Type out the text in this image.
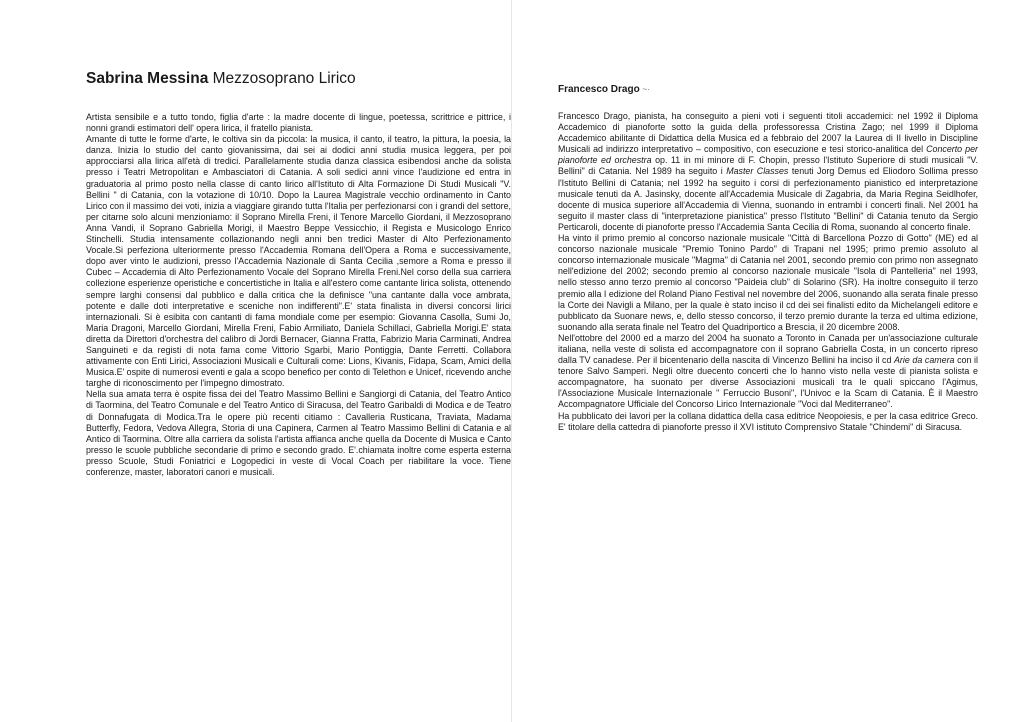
Sabrina Messina Mezzosoprano Lirico

Artista sensibile e a tutto tondo, figlia d'arte : la madre docente di lingue, poetessa, scrittrice e pittrice, i nonni grandi estimatori dell' opera lirica, il fratello pianista.

Amante di tutte le forme d'arte, le coltiva sin da piccola: la musica, il canto, il teatro, la pittura, la poesia, la danza. Inizia lo studio del canto giovanissima, dai sei ai dodici anni studia musica leggera, per poi approcciarsi alla lirica all'età di tredici. Parallelamente studia danza classica esibendosi anche da solista presso i Teatri Metropolitan e Ambasciatori di Catania. A soli sedici anni vince l'audizione ed entra in graduatoria al primo posto nella classe di canto lirico all'Istituto di Alta Formazione Di Studi Musicali "V. Bellini " di Catania, con la votazione di 10/10. Dopo la Laurea Magistrale vecchio ordinamento in Canto Lirico con il massimo dei voti, inizia a viaggiare girando tutta l'Italia per perfezionarsi con i grandi del settore, per citarne solo alcuni menzioniamo: il Soprano Mirella Freni, il Tenore Marcello Giordani, il Mezzosoprano Anna Vandi, il Soprano Gabriella Morigi, il Maestro Beppe Vessicchio, il Regista e Musicologo Enrico Stinchelli. Studia intensamente collazionando negli anni ben tredici Master di Alto Perfezionamento Vocale.Si perfeziona ulteriormente presso l'Accademia Romana dell'Opera a Roma e successivamente, dopo aver vinto le audizioni, presso l'Accademia Nazionale di Santa Cecilia ,semore a Roma e presso il Cubec – Accademia di Alto Perfezionamento Vocale del Soprano Mirella Freni.Nel corso della sua carriera collezione esperienze operistiche e concertistiche in Italia e all'estero come cantante lirica solista, ottenendo sempre larghi consensi dal pubblico e dalla critica che la definisce "una cantante dalla voce ambrata, potente e dalle doti interpretative e sceniche non indifferenti".E' stata finalista in diversi concorsi lirici internazionali. Si è esibita con cantanti di fama mondiale come per esempio: Giovanna Casolla, Sumi Jo, Maria Dragoni, Marcello Giordani, Mirella Freni, Fabio Armiliato, Daniela Schillaci, Gabriella Morigi.E' stata diretta da Direttori d'orchestra del calibro di Jordi Bernacer, Gianna Fratta, Fabrizio Maria Carminati, Andrea Sanguineti e da registi di nota fama come Vittorio Sgarbi, Mario Pontiggia, Dante Ferretti. Collabora attivamente con Enti Lirici, Associazioni Musicali e Culturali come: Lions, Kivanis, Fidapa, Scam, Amici della Musica.E' ospite di numerosi eventi e gala a scopo benefico per conto di Telethon e Unicef, ricevendo anche targhe di riconoscimento per l'impegno dimostrato.

Nella sua amata terra è ospite fissa dei del Teatro Massimo Bellini e Sangiorgi di Catania, del Teatro Antico di Taormina, del Teatro Comunale e del Teatro Antico di Siracusa, del Teatro Garibaldi di Modica e de Teatro di Donnafugata di Modica.Tra le opere più recenti citiamo : Cavalleria Rusticana, Traviata, Madama Butterfly, Fedora, Vedova Allegra, Storia di una Capinera, Carmen al Teatro Massimo Bellini di Catania e al Antico di Taormina. Oltre alla carriera da solista l'artista affianca anche quella da Docente di Musica e Canto presso le scuole pubbliche secondarie di primo e secondo grado. E'.chiamata inoltre come esperta esterna presso Scuole, Studi Foniatrici e Logopedici in veste di Vocal Coach per riabilitare la voce. Tiene conferenze, master, laboratori canori e musicali.

Francesco Drago ~·

Francesco Drago, pianista, ha conseguito a pieni voti i seguenti titoli accademici: nel 1992 il Diploma Accademico di pianoforte sotto la guida della professoressa Cristina Zago; nel 1999 il Diploma Accademico abilitante di Didattica della Musica ed a febbraio del 2007 la Laurea di II livello in Discipline Musicali ad indirizzo interpretativo – compositivo, con esecuzione e tesi storico-analitica del Concerto per pianoforte ed orchestra op. 11 in mi minore di F. Chopin, presso l'Istituto Superiore di studi musicali "V. Bellini" di Catania. Nel 1989 ha seguito i Master Classes tenuti Jorg Demus ed Eliodoro Sollima presso l'Istituto Bellini di Catania; nel 1992 ha seguito i corsi di perfezionamento pianistico ed interpretazione musicale tenuti da A. Jasinsky, docente all'Accademia Musicale di Zagabria, da Maria Regina Seidlhofer, docente di musica superiore all'Accademia di Vienna, suonando in entrambi i concerti finali. Nel 2001 ha seguito il master class di "interpretazione pianistica" presso l'Istituto "Bellini" di Catania tenuto da Sergio Perticaroli, docente di pianoforte presso l'Accademia Santa Cecilia di Roma, suonando al concerto finale.

Ha vinto il primo premio al concorso nazionale musicale "Città di Barcellona Pozzo di Gotto" (ME) ed al concorso nazionale musicale "Premio Tonino Pardo" di Trapani nel 1995; primo premio assoluto al concorso internazionale musicale "Magma" di Catania nel 2001, secondo premio con primo non assegnato nell'edizione del 2002; secondo premio al concorso nazionale musicale "Isola di Pantelleria" nel 1993, nello stesso anno terzo premio al concorso "Paideia club" di Solarino (SR). Ha inoltre conseguito il terzo premio alla I edizione del Roland Piano Festival nel novembre del 2006, suonando alla serata finale presso la Corte dei Navigli a Milano, per la quale è stato inciso il cd dei sei finalisti edito da Michelangeli editore e pubblicato da Suonare news, e, dello stesso concorso, il terzo premio durante la terza ed ultima edizione, suonando alla serata finale nel Teatro del Quadriportico a Brescia, il 20 dicembre 2008.

Nell'ottobre del 2000 ed a marzo del 2004 ha suonato a Toronto in Canada per un'associazione culturale italiana, nella veste di solista ed accompagnatore con il soprano Gabriella Costa, in un concerto ripreso dalla TV canadese. Per il bicentenario della nascita di Vincenzo Bellini ha inciso il cd Arie da camera con il tenore Salvo Samperi. Negli oltre duecento concerti che lo hanno visto nella veste di pianista solista e accompagnatore, ha suonato per diverse Associazioni musicali tra le quali spiccano l'Agimus, l'Associazione Musicale Internazionale " Ferruccio Busoni", l'Univoc e la Scam di Catania. È il Maestro Accompagnatore Ufficiale del Concorso Lirico Internazionale "Voci dal Mediterraneo".

Ha pubblicato dei lavori per la collana didattica della casa editrice Neopoiesis, e per la casa editrice Greco. E' titolare della cattedra di pianoforte presso il XVI istituto Comprensivo Statale "Chindemi" di Siracusa.
